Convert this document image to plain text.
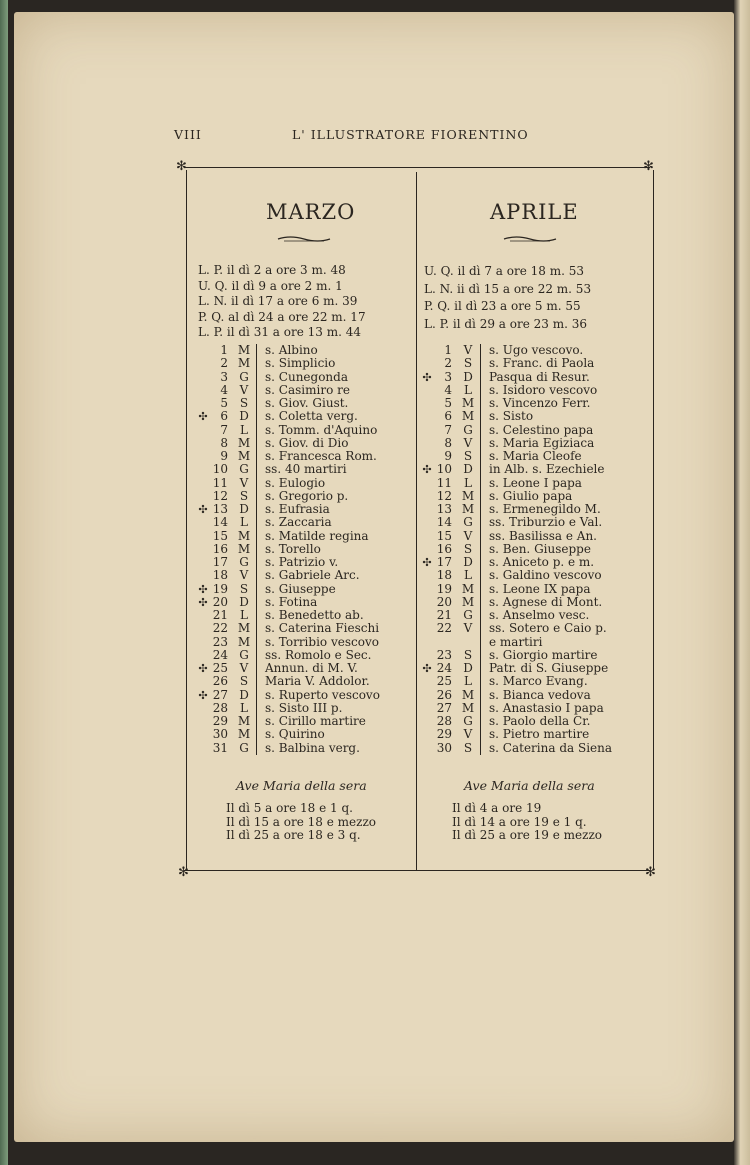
VIII	L' ILLUSTRATORE FIORENTINO
✻	✻
✻	✻
MARZO	APRILE
L. P. il dì 2 a ore 3 m. 48
U. Q. il dì 9 a ore 2 m. 1
L. N. il dì 17 a ore 6 m. 39
P. Q. al dì 24 a ore 22 m. 17
L. P. il dì 31 a ore 13 m. 44
U. Q. il dì 7 a ore 18 m. 53
L. N. ii dì 15 a ore 22 m. 53
P. Q. il dì 23 a ore 5 m. 55
L. P. il dì 29 a ore 23 m. 36
	1	M	s. Albino
	2	M	s. Simplicio
	3	G	s. Cunegonda
	4	V	s. Casimiro re
	5	S	s. Giov. Giust.
✣	6	D	s. Coletta verg.
	7	L	s. Tomm. d'Aquino
	8	M	s. Giov. di Dio
	9	M	s. Francesca Rom.
	10	G	ss. 40 martiri
	11	V	s. Eulogio
	12	S	s. Gregorio p.
✣	13	D	s. Eufrasia
	14	L	s. Zaccaria
	15	M	s. Matilde regina
	16	M	s. Torello
	17	G	s. Patrizio v.
	18	V	s. Gabriele Arc.
✣	19	S	s. Giuseppe
✣	20	D	s. Fotina
	21	L	s. Benedetto ab.
	22	M	s. Caterina Fieschi
	23	M	s. Torribio vescovo
	24	G	ss. Romolo e Sec.
✣	25	V	Annun. di M. V.
	26	S	Maria V. Addolor.
✣	27	D	s. Ruperto vescovo
	28	L	s. Sisto III p.
	29	M	s. Cirillo martire
	30	M	s. Quirino
	31	G	s. Balbina verg.
	1	V	s. Ugo vescovo.
	2	S	s. Franc. di Paola
✣	3	D	Pasqua di Resur.
	4	L	s. Isidoro vescovo
	5	M	s. Vincenzo Ferr.
	6	M	s. Sisto
	7	G	s. Celestino papa
	8	V	s. Maria Egiziaca
	9	S	s. Maria Cleofe
✣	10	D	in Alb. s. Ezechiele
	11	L	s. Leone I papa
	12	M	s. Giulio papa
	13	M	s. Ermenegildo M.
	14	G	ss. Triburzio e Val.
	15	V	ss. Basilissa e An.
	16	S	s. Ben. Giuseppe
✣	17	D	s. Aniceto p. e m.
	18	L	s. Galdino vescovo
	19	M	s. Leone IX papa
	20	M	s. Agnese di Mont.
	21	G	s. Anselmo vesc.
	22	V	ss. Sotero e Caio p.
			e martiri
	23	S	s. Giorgio martire
✣	24	D	Patr. di S. Giuseppe
	25	L	s. Marco Evang.
	26	M	s. Bianca vedova
	27	M	s. Anastasio I papa
	28	G	s. Paolo della Cr.
	29	V	s. Pietro martire
	30	S	s. Caterina da Siena
Ave Maria della sera	Ave Maria della sera
Il dì 5 a ore 18 e 1 q.
Il dì 15 a ore 18 e mezzo
Il dì 25 a ore 18 e 3 q.
Il dì 4 a ore 19
Il dì 14 a ore 19 e 1 q.
Il dì 25 a ore 19 e mezzo
